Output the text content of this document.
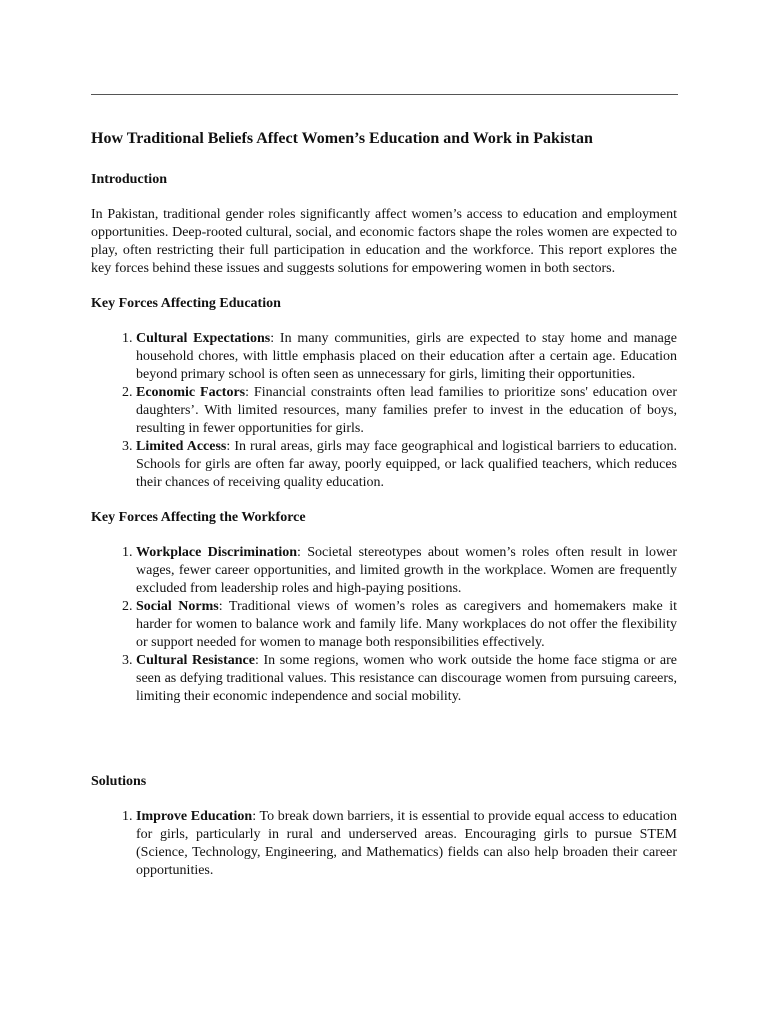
How Traditional Beliefs Affect Women’s Education and Work in Pakistan
Introduction

In Pakistan, traditional gender roles significantly affect women’s access to education and employment opportunities. Deep-rooted cultural, social, and economic factors shape the roles women are expected to play, often restricting their full participation in education and the workforce. This report explores the key forces behind these issues and suggests solutions for empowering women in both sectors.

Key Forces Affecting Education
1. Cultural Expectations: In many communities, girls are expected to stay home and manage household chores, with little emphasis placed on their education after a certain age. Education beyond primary school is often seen as unnecessary for girls, limiting their opportunities.
2. Economic Factors: Financial constraints often lead families to prioritize sons' education over daughters’. With limited resources, many families prefer to invest in the education of boys, resulting in fewer opportunities for girls.
3. Limited Access: In rural areas, girls may face geographical and logistical barriers to education. Schools for girls are often far away, poorly equipped, or lack qualified teachers, which reduces their chances of receiving quality education.
Key Forces Affecting the Workforce
1. Workplace Discrimination: Societal stereotypes about women’s roles often result in lower wages, fewer career opportunities, and limited growth in the workplace. Women are frequently excluded from leadership roles and high-paying positions.
2. Social Norms: Traditional views of women’s roles as caregivers and homemakers make it harder for women to balance work and family life. Many workplaces do not offer the flexibility or support needed for women to manage both responsibilities effectively.
3. Cultural Resistance: In some regions, women who work outside the home face stigma or are seen as defying traditional values. This resistance can discourage women from pursuing careers, limiting their economic independence and social mobility.
Solutions
1. Improve Education: To break down barriers, it is essential to provide equal access to education for girls, particularly in rural and underserved areas. Encouraging girls to pursue STEM (Science, Technology, Engineering, and Mathematics) fields can also help broaden their career opportunities.
